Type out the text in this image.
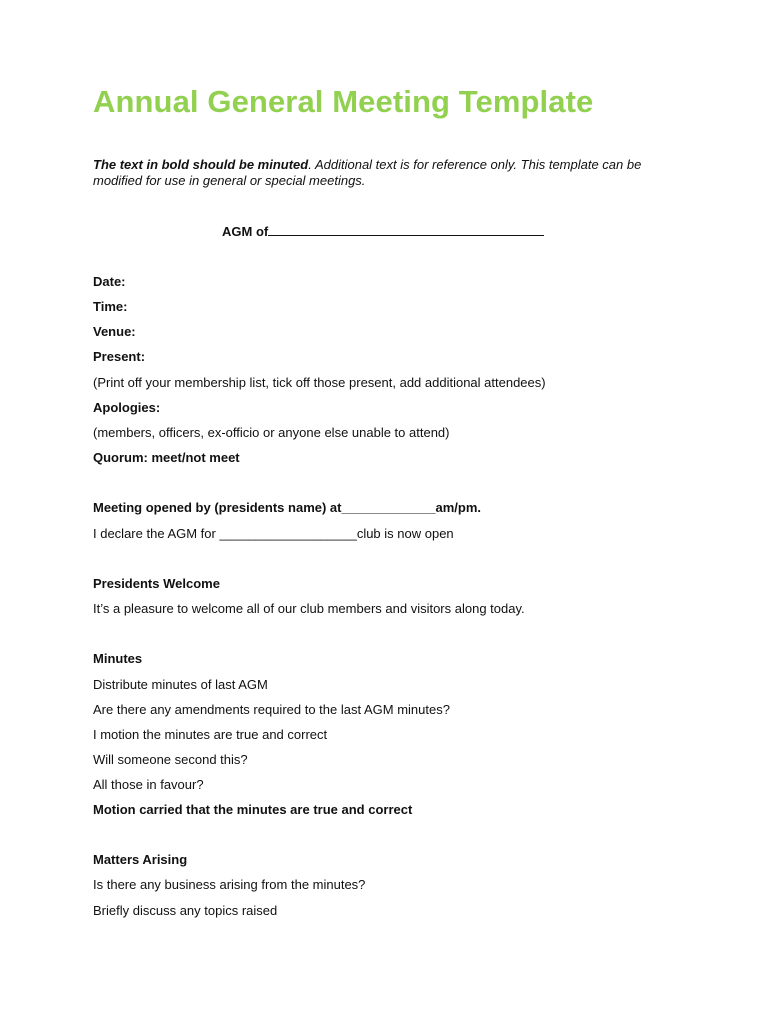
Annual General Meeting Template
The text in bold should be minuted. Additional text is for reference only. This template can be modified for use in general or special meetings.
AGM of
Date:
Time:
Venue:
Present:
(Print off your membership list, tick off those present, add additional attendees)
Apologies:
(members, officers, ex-officio or anyone else unable to attend)
Quorum: meet/not meet
Meeting opened by (presidents name) at_____________am/pm.
I declare the AGM for ___________________club is now open
Presidents Welcome
It’s a pleasure to welcome all of our club members and visitors along today.
Minutes
Distribute minutes of last AGM
Are there any amendments required to the last AGM minutes?
I motion the minutes are true and correct
Will someone second this?
All those in favour?
Motion carried that the minutes are true and correct
Matters Arising
Is there any business arising from the minutes?
Briefly discuss any topics raised
